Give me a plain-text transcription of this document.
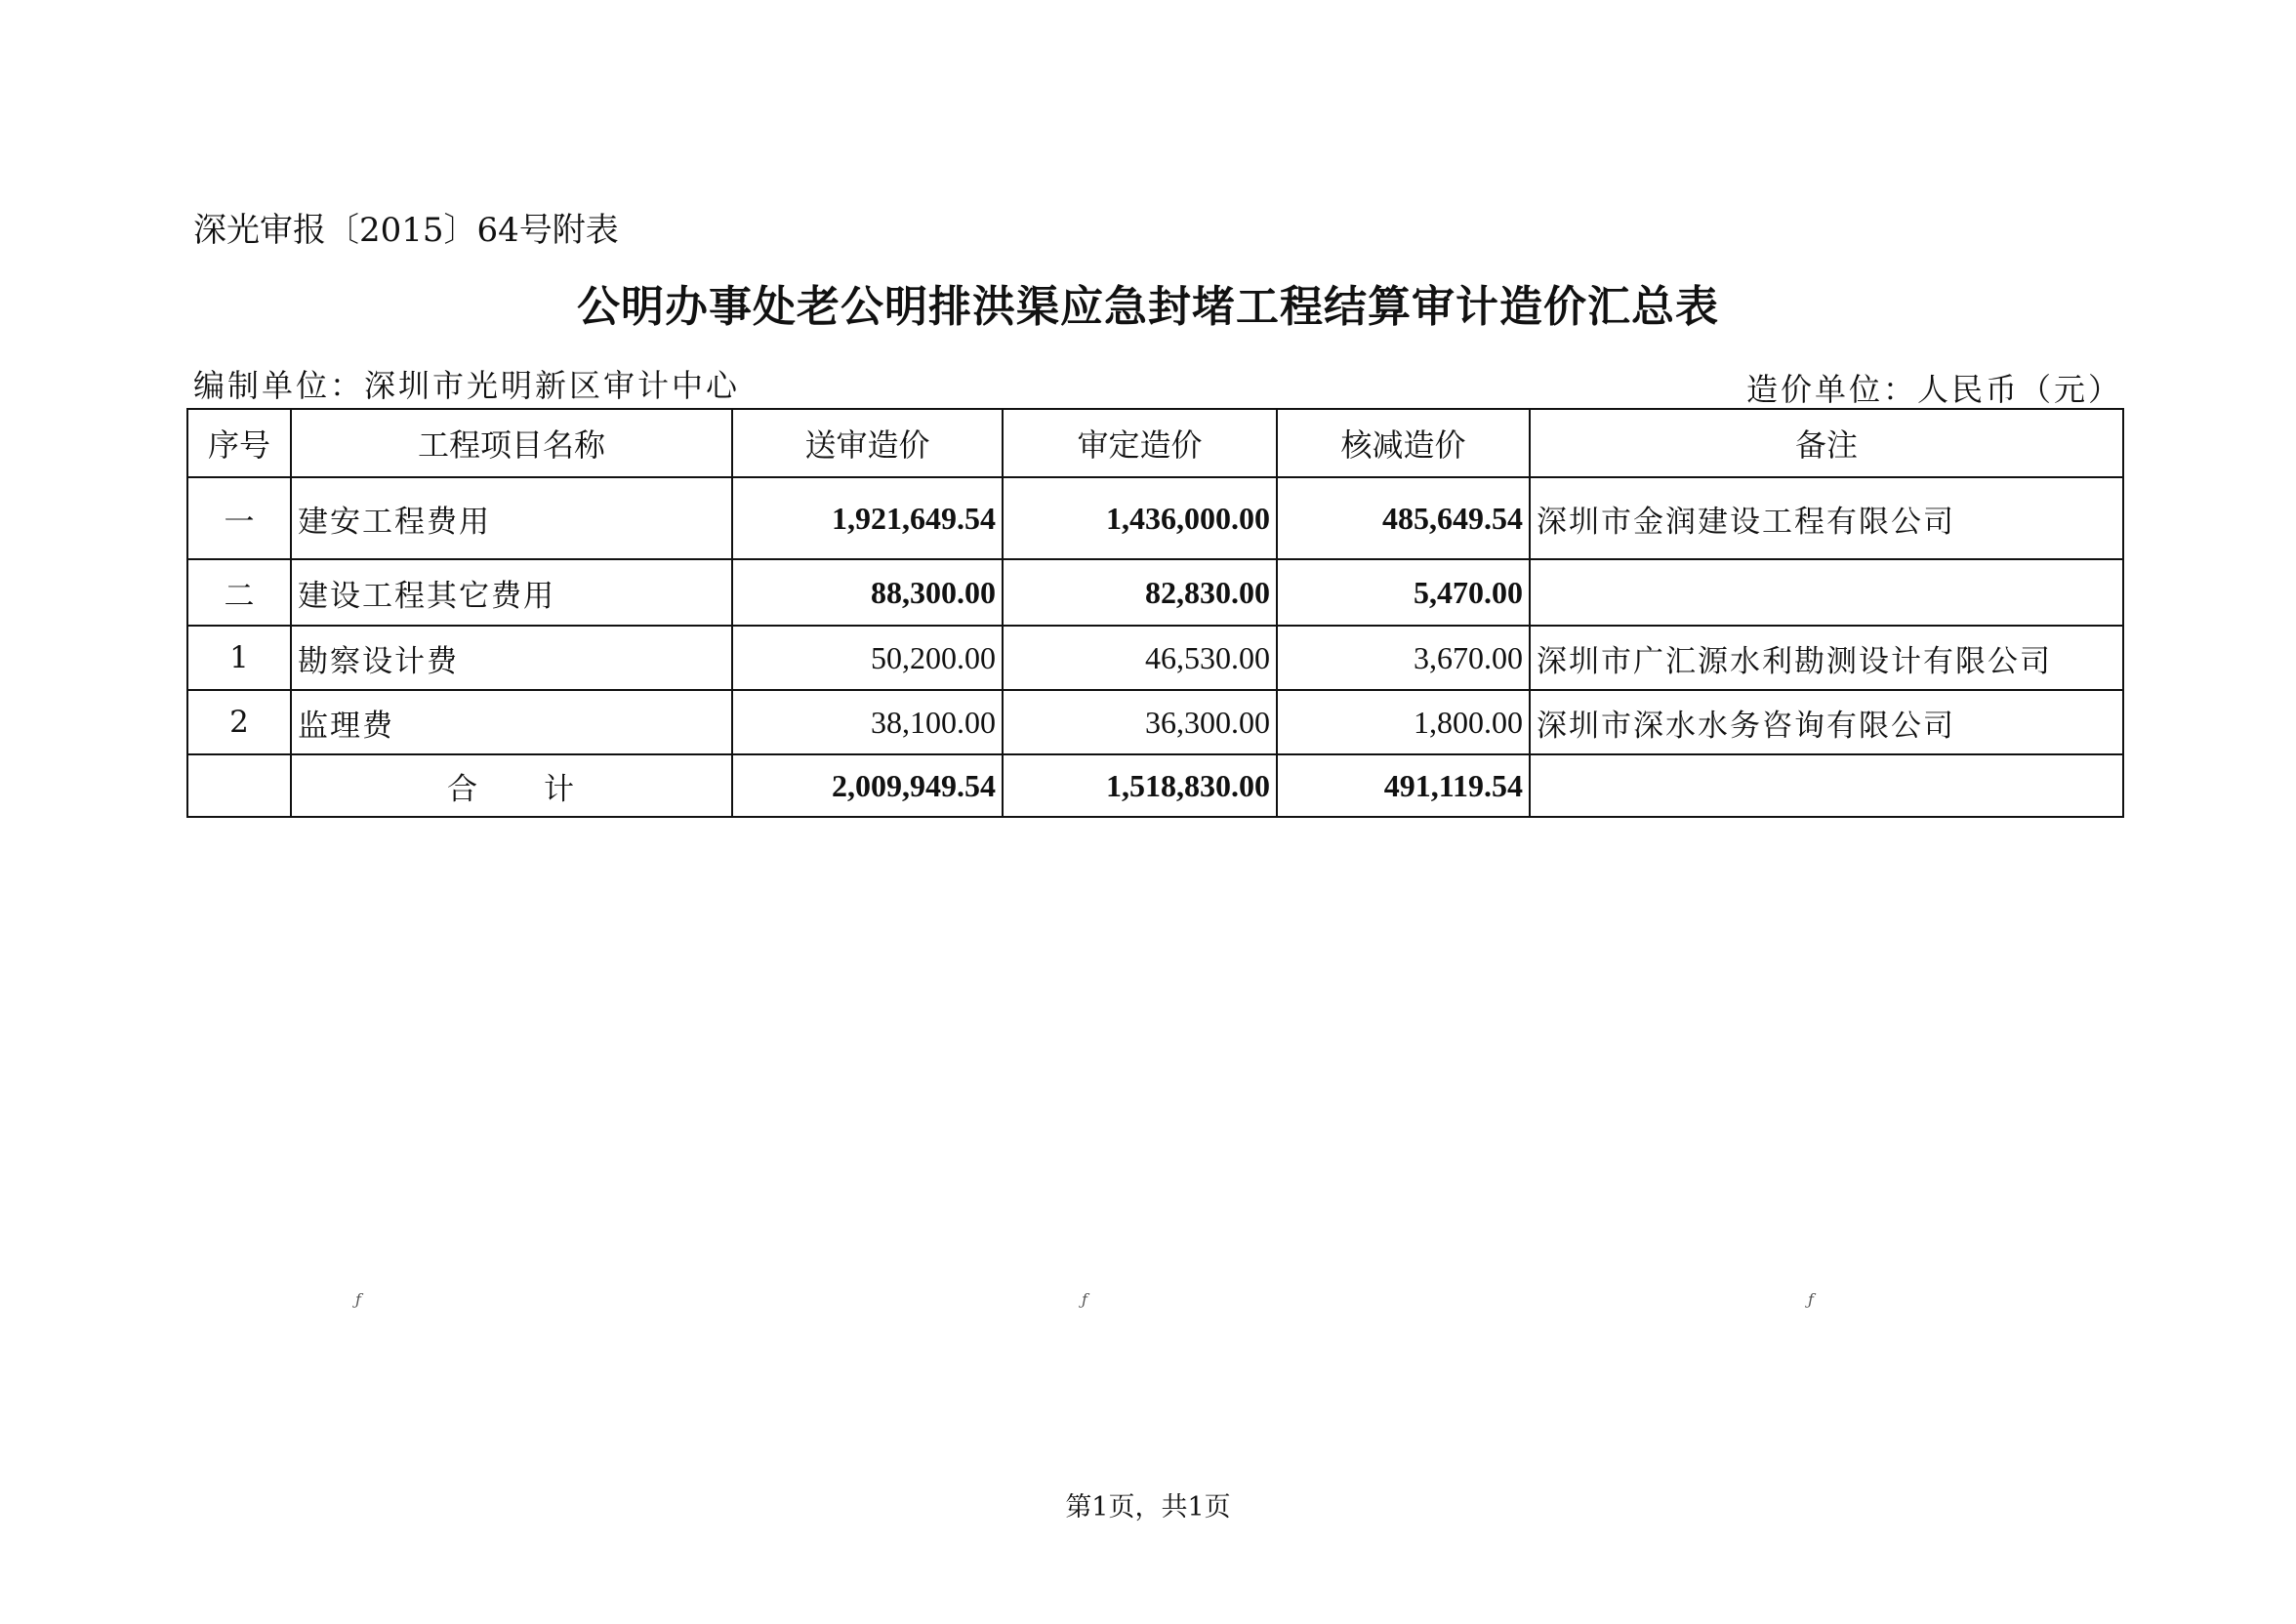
深光审报〔2015〕64号附表
公明办事处老公明排洪渠应急封堵工程结算审计造价汇总表
编制单位：深圳市光明新区审计中心	造价单位：人民币（元）
序号	工程项目名称	送审造价	审定造价	核减造价	备注
一	建安工程费用	1,921,649.54	1,436,000.00	485,649.54	深圳市金润建设工程有限公司
二	建设工程其它费用	88,300.00	82,830.00	5,470.00	
1	勘察设计费	50,200.00	46,530.00	3,670.00	深圳市广汇源水利勘测设计有限公司
2	监理费	38,100.00	36,300.00	1,800.00	深圳市深水水务咨询有限公司
	合　　计	2,009,949.54	1,518,830.00	491,119.54	
ƒ	ƒ	ƒ
第1页，共1页
